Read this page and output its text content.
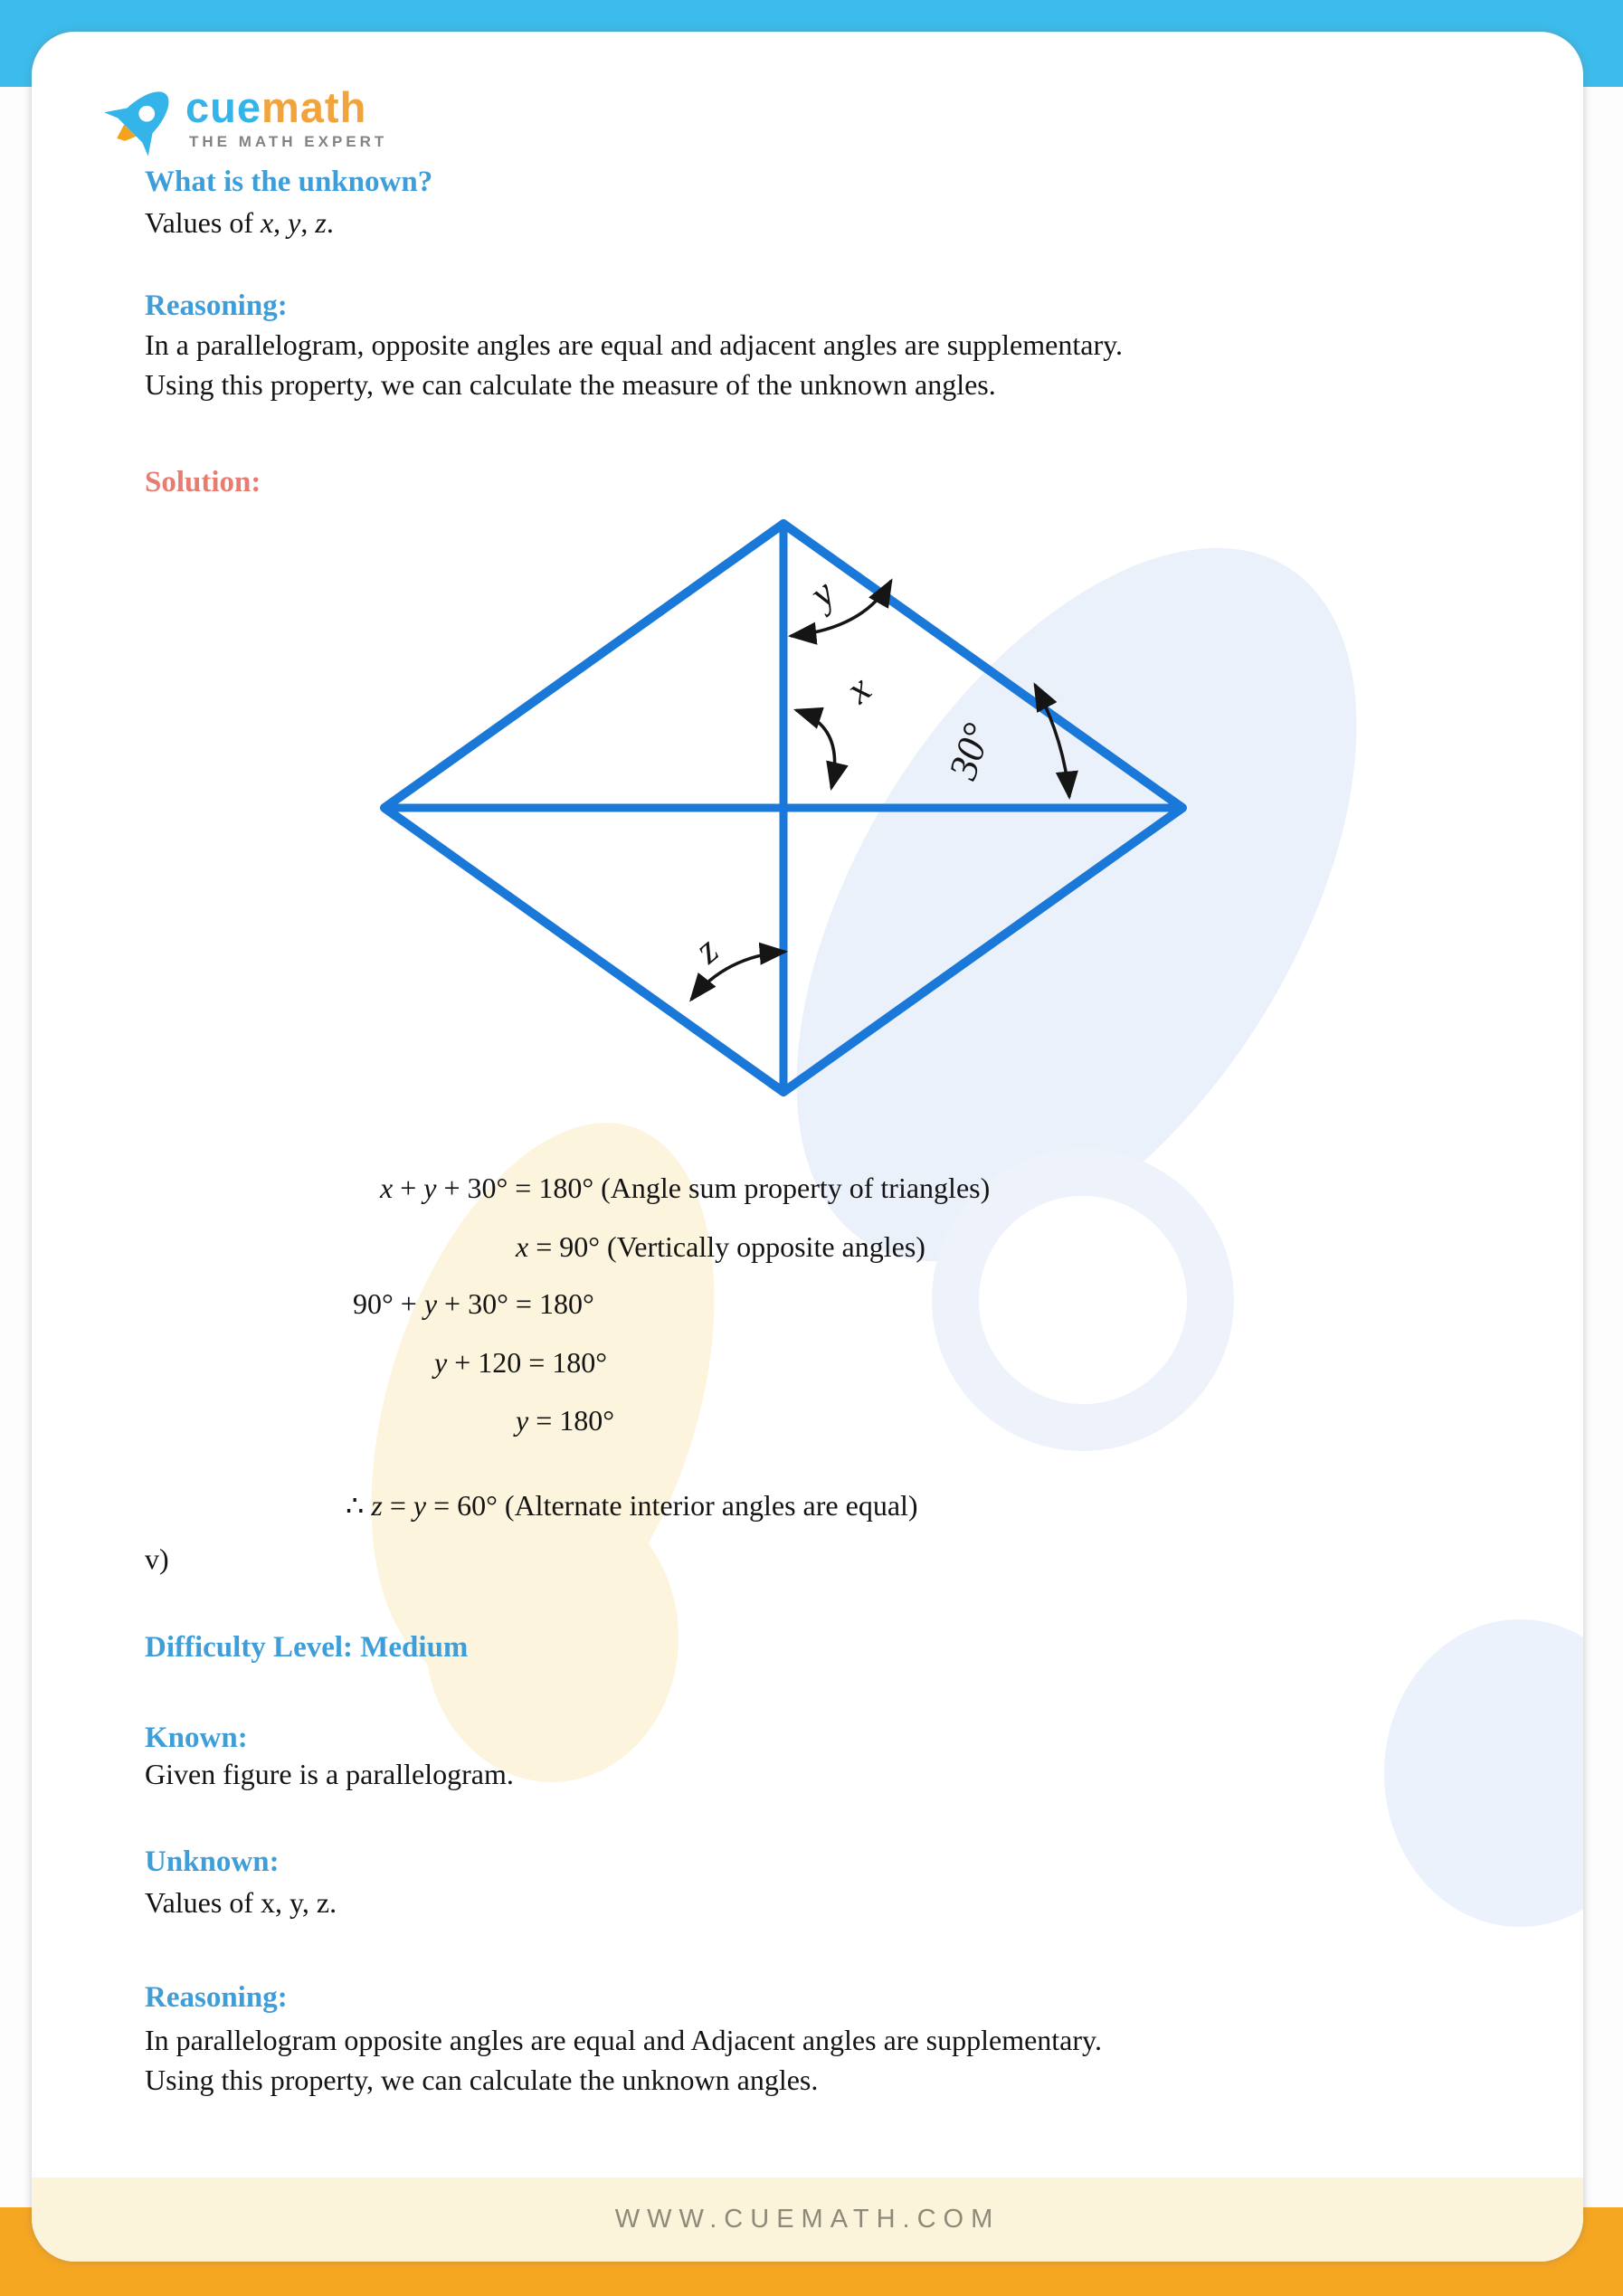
cuemath
THE MATH EXPERT
What is the unknown?
Values of x, y, z.
Reasoning:
In a parallelogram, opposite angles are equal and adjacent angles are supplementary.
Using this property, we can calculate the measure of the unknown angles.
Solution:
y
x
30°
z
x + y + 30° = 180° (Angle sum property of triangles)
x = 90° (Vertically opposite angles)
90° + y + 30° = 180°
y + 120 = 180°
y = 180°
∴ z = y = 60° (Alternate interior angles are equal)
v)
Difficulty Level: Medium
Known:
Given figure is a parallelogram.
Unknown:
Values of x, y, z.
Reasoning:
In parallelogram opposite angles are equal and Adjacent angles are supplementary.
Using this property, we can calculate the unknown angles.
WWW.CUEMATH.COM
